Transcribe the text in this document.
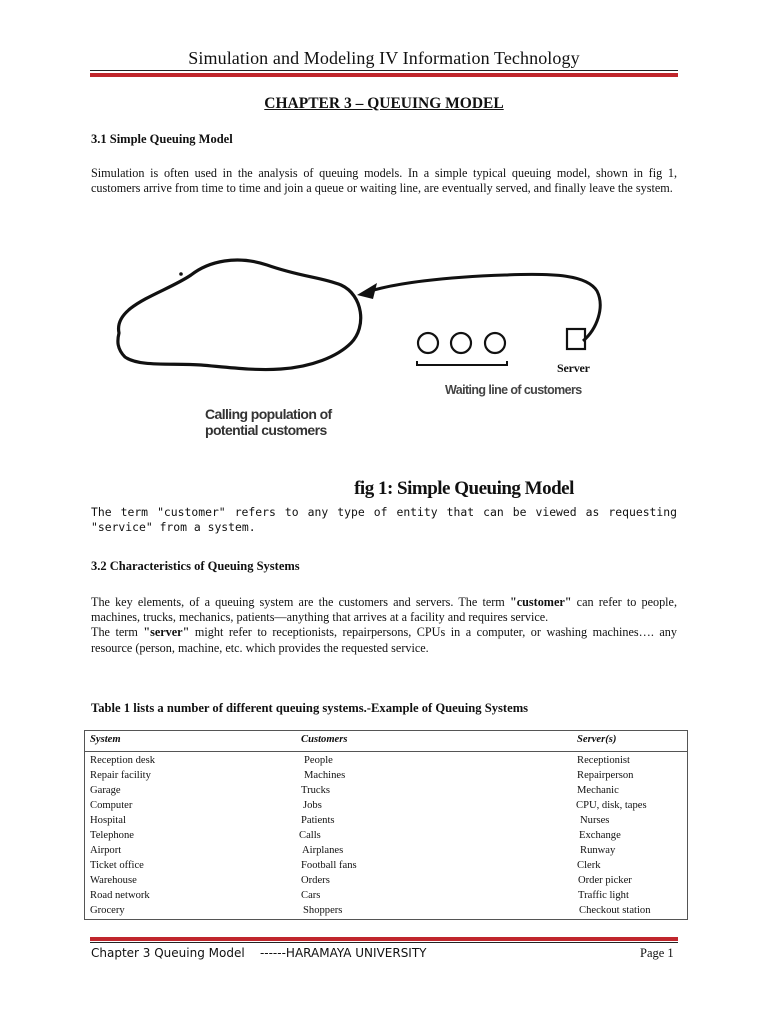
Simulation and Modeling IV Information Technology
CHAPTER 3 – QUEUING MODEL
3.1 Simple Queuing Model
Simulation is often used in the analysis of queuing models. In a simple typical queuing model, shown in fig 1, customers arrive from time to time and join a queue or waiting line, are eventually served, and finally leave the system.
Calling population of
potential customers
Server
Waiting line of customers
fig 1: Simple Queuing Model
The term "customer" refers to any type of entity that can be viewed as requesting "service" from a system.
3.2 Characteristics of Queuing Systems

The key elements, of a queuing system are the customers and servers. The term "customer" can refer to people, machines, trucks, mechanics, patients—anything that arrives at a facility and requires service.

The term "server" might refer to receptionists, repairpersons, CPUs in a computer, or washing machines…. any resource (person, machine, etc. which provides the requested service.

Table 1 lists a number of different queuing systems.-Example of Queuing Systems
System	Customers	Server(s)
Reception desk	People	Receptionist
Repair facility	Machines	Repairperson
Garage	Trucks	Mechanic
Computer	Jobs	CPU, disk, tapes
Hospital	Patients	Nurses
Telephone	Calls	Exchange
Airport	Airplanes	Runway
Ticket office	Football fans	Clerk
Warehouse	Orders	Order picker
Road network	Cars	Traffic light
Grocery	Shoppers	Checkout station
Chapter 3 Queuing Model    ------HARAMAYA UNIVERSITY	Page 1
